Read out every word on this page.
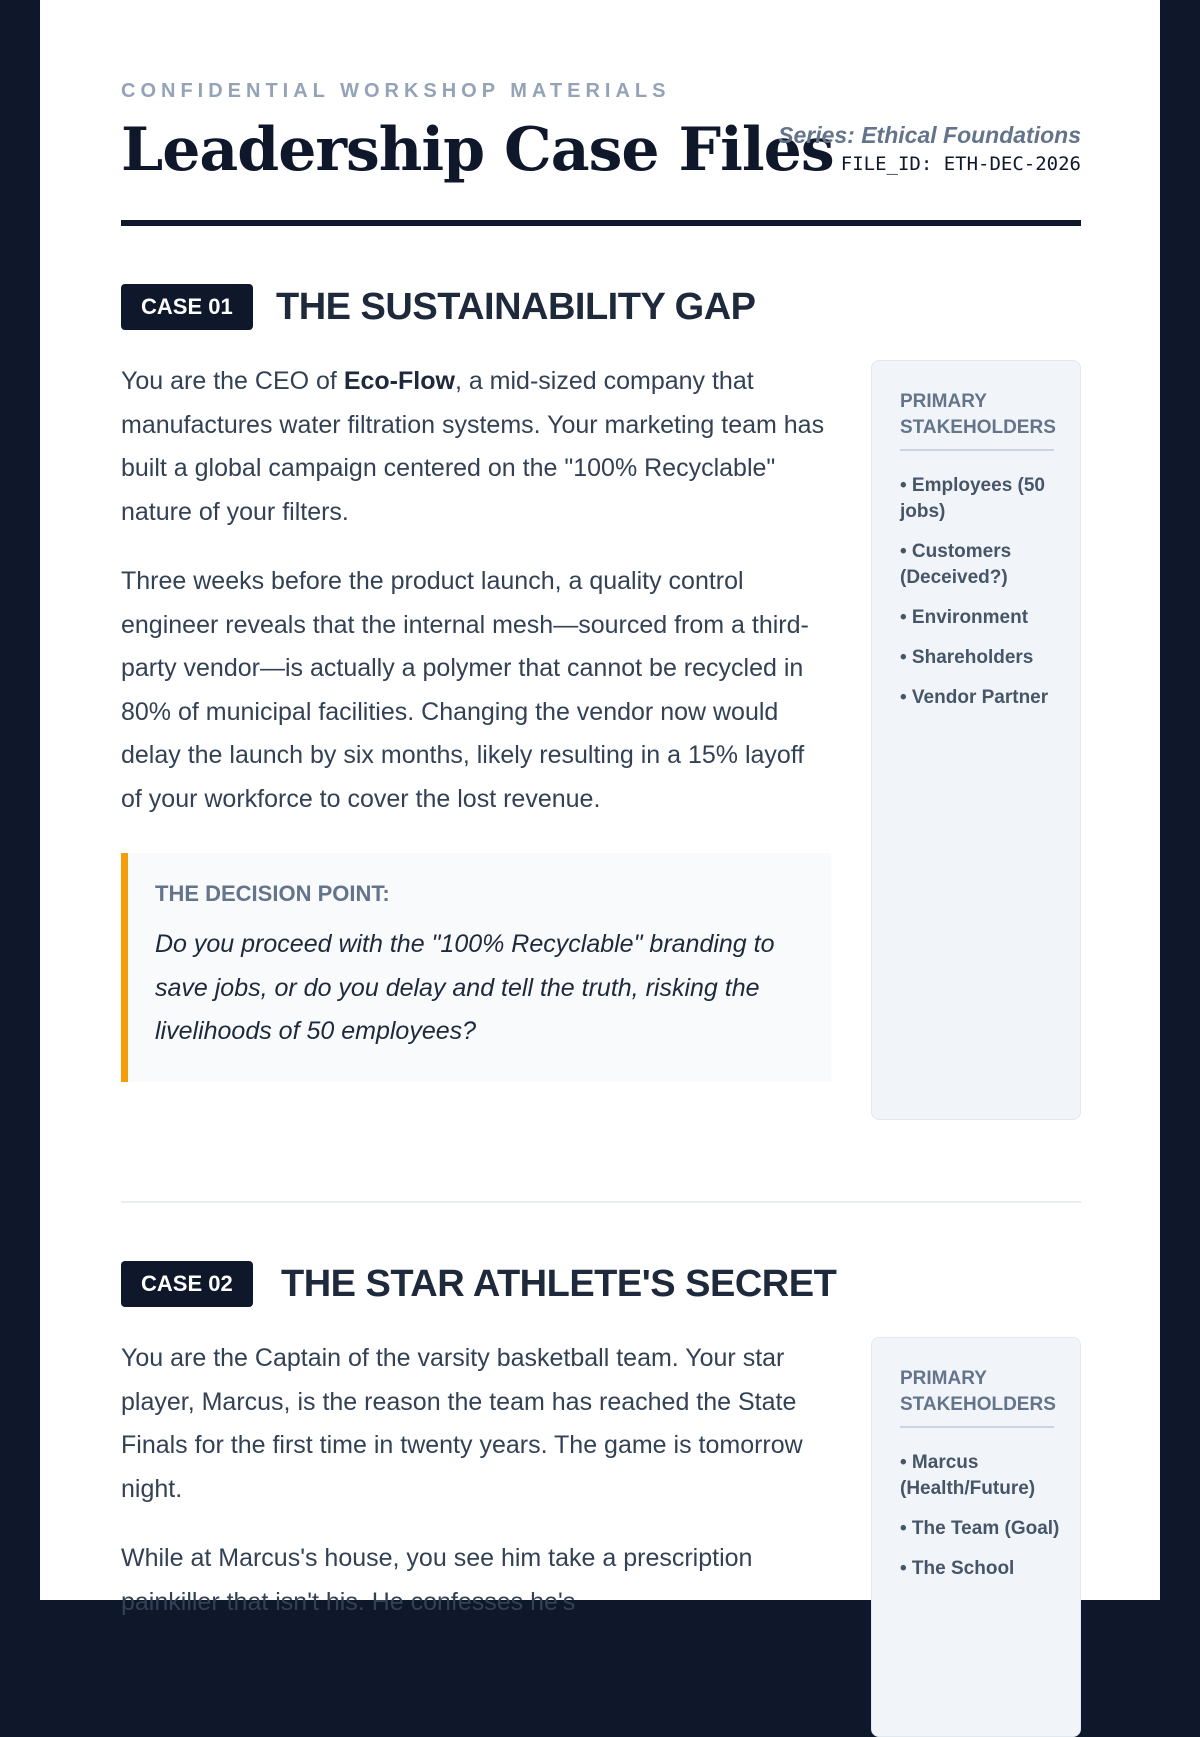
CONFIDENTIAL WORKSHOP MATERIALS
Leadership Case Files
Series: Ethical Foundations
FILE_ID: ETH-DEC-2026
CASE 01	THE SUSTAINABILITY GAP

You are the CEO of Eco-Flow, a mid-sized company that manufactures water filtration systems. Your marketing team has built a global campaign centered on the "100% Recyclable" nature of your filters.

Three weeks before the product launch, a quality control engineer reveals that the internal mesh—sourced from a third-party vendor—is actually a polymer that cannot be recycled in 80% of municipal facilities. Changing the vendor now would delay the launch by six months, likely resulting in a 15% layoff of your workforce to cover the lost revenue.

THE DECISION POINT:

Do you proceed with the "100% Recyclable" branding to save jobs, or do you delay and tell the truth, risking the livelihoods of 50 employees?

PRIMARY STAKEHOLDERS
• Employees (50 jobs)
• Customers (Deceived?)
• Environment
• Shareholders
• Vendor Partner
CASE 02	THE STAR ATHLETE'S SECRET

You are the Captain of the varsity basketball team. Your star player, Marcus, is the reason the team has reached the State Finals for the first time in twenty years. The game is tomorrow night.

While at Marcus's house, you see him take a prescription painkiller that isn't his. He confesses he's

PRIMARY STAKEHOLDERS
• Marcus (Health/Future)
• The Team (Goal)
• The School
